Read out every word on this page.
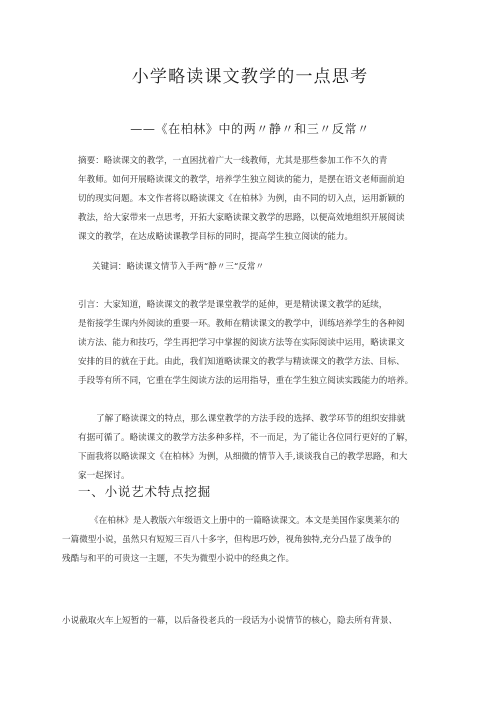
小学略读课文教学的一点思考
——《在柏林》中的两〃静〃和三〃反常〃
摘要：略读课文的教学，一直困扰着广大一线教师，尤其是那些参加工作不久的青
年教师。如何开展略读课文的教学，培养学生独立阅读的能力，是摆在语文老师面前迫
切的现实问题。本文作者将以略读课文《在柏林》为例，由不同的切入点，运用新颖的
教法，给大家带来一点思考，开拓大家略读课文教学的思路，以便高效地组织开展阅读
课文的教学，在达成略读课教学目标的同时，提高学生独立阅读的能力。
关键词：略读课文情节入手两“静〃三“反常〃
引言：大家知道，略读课文的教学是课堂教学的延伸，更是精读课文教学的延续，
是衔接学生课内外阅读的重要一环。教师在精读课文的教学中，训练培养学生的各种阅
读方法、能力和技巧，学生再把学习中掌握的阅读方法等在实际阅读中运用，略读课文
安排的目的就在于此。由此，我们知道略读课文的教学与精读课文的教学方法、目标、
手段等有所不同，它重在学生阅读方法的运用指导，重在学生独立阅读实践能力的培养。
了解了略读课文的特点，那么课堂教学的方法手段的选择、教学环节的组织安排就
有据可循了。略读课文的教学方法多种多样，不一而足，为了能让各位同行更好的了解，
下面我将以略读课文《在柏林》为例，从细微的情节入手,谈谈我自己的教学思路，和大
家一起探讨。
一、小说艺术特点挖掘
《在柏林》是人教版六年级语文上册中的一篇略读课文。本文是美国作家奥莱尔的
一篇微型小说，虽然只有短短三百八十多字，但构思巧妙，视角独特,充分凸显了战争的
残酷与和平的可贵这一主题，不失为微型小说中的经典之作。
小说截取火车上短暂的一幕，以后备役老兵的一段话为小说情节的核心，隐去所有背景、
